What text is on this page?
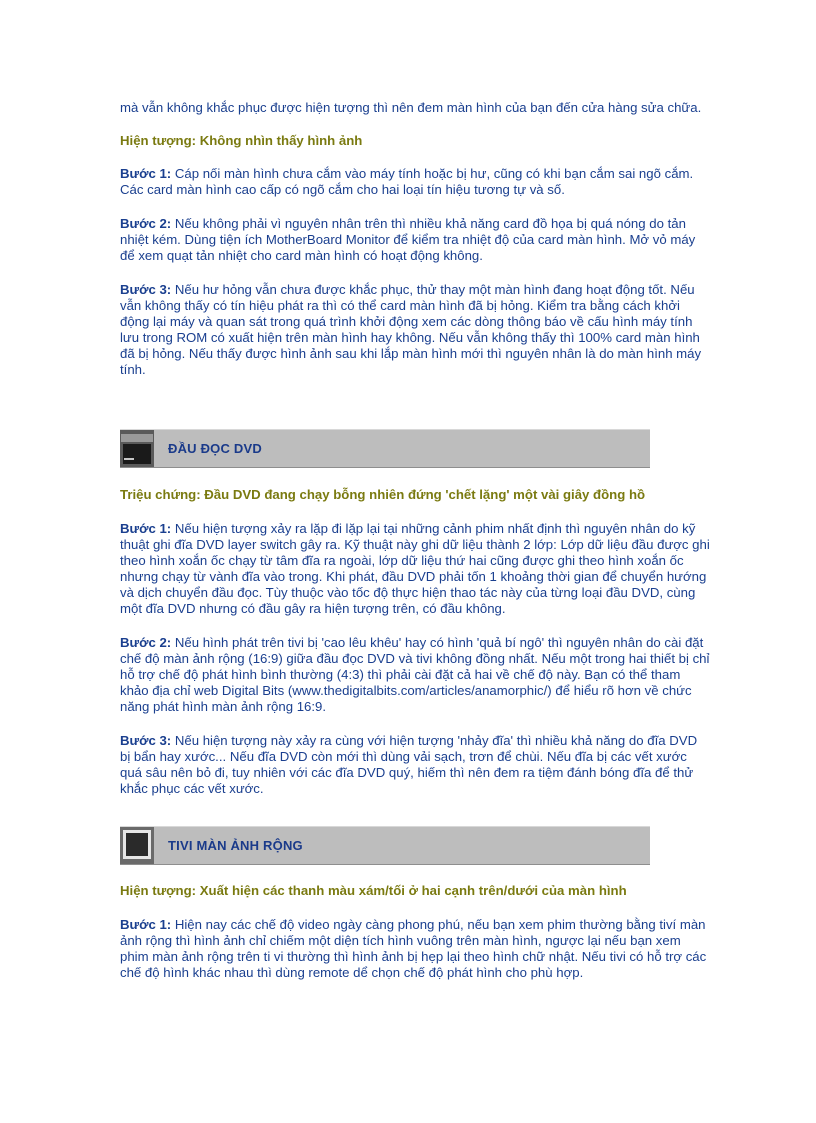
mà vẫn không khắc phục được hiện tượng thì nên đem màn hình của bạn đến cửa hàng sửa chữa.

Hiện tượng: Không nhìn thấy hình ảnh

Bước 1: Cáp nối màn hình chưa cắm vào máy tính hoặc bị hư, cũng có khi bạn cắm sai ngõ cắm. Các card màn hình cao cấp có ngõ cắm cho hai loại tín hiệu tương tự và số.

Bước 2: Nếu không phải vì nguyên nhân trên thì nhiều khả năng card đồ họa bị quá nóng do tản nhiệt kém. Dùng tiện ích MotherBoard Monitor để kiểm tra nhiệt độ của card màn hình. Mở vỏ máy để xem quạt tản nhiệt cho card màn hình có hoạt động không.

Bước 3: Nếu hư hỏng vẫn chưa được khắc phục, thử thay một màn hình đang hoạt động tốt. Nếu vẫn không thấy có tín hiệu phát ra thì có thể card màn hình đã bị hỏng. Kiểm tra bằng cách khởi động lại máy và quan sát trong quá trình khởi động xem các dòng thông báo về cấu hình máy tính lưu trong ROM có xuất hiện trên màn hình hay không. Nếu vẫn không thấy thì 100% card màn hình đã bị hỏng. Nếu thấy được hình ảnh sau khi lắp màn hình mới thì nguyên nhân là do màn hình máy tính.

ĐẦU ĐỌC DVD

Triệu chứng: Đầu DVD đang chạy bỗng nhiên đứng 'chết lặng' một vài giây đồng hồ

Bước 1: Nếu hiện tượng xảy ra lặp đi lặp lại tại những cảnh phim nhất định thì nguyên nhân do kỹ thuật ghi đĩa DVD layer switch gây ra. Kỹ thuật này ghi dữ liệu thành 2 lớp: Lớp dữ liệu đầu được ghi theo hình xoắn ốc chạy từ tâm đĩa ra ngoài, lớp dữ liệu thứ hai cũng được ghi theo hình xoắn ốc nhưng chạy từ vành đĩa vào trong. Khi phát, đầu DVD phải tốn 1 khoảng thời gian để chuyển hướng và dịch chuyển đầu đọc. Tùy thuộc vào tốc độ thực hiện thao tác này của từng loại đầu DVD, cùng một đĩa DVD nhưng có đầu gây ra hiện tượng trên, có đầu không.

Bước 2: Nếu hình phát trên tivi bị 'cao lêu khêu' hay có hình 'quả bí ngô' thì nguyên nhân do cài đặt chế độ màn ảnh rộng (16:9) giữa đầu đọc DVD và tivi không đồng nhất. Nếu một trong hai thiết bị chỉ hỗ trợ chế độ phát hình bình thường (4:3) thì phải cài đặt cả hai về chế độ này. Bạn có thể tham khảo địa chỉ web Digital Bits (www.thedigitalbits.com/articles/anamorphic/) để hiểu rõ hơn về chức năng phát hình màn ảnh rộng 16:9.

Bước 3: Nếu hiện tượng này xảy ra cùng với hiện tượng 'nhảy đĩa' thì nhiều khả năng do đĩa DVD bị bẩn hay xước... Nếu đĩa DVD còn mới thì dùng vải sạch, trơn để chùi. Nếu đĩa bị các vết xước quá sâu nên bỏ đi, tuy nhiên với các đĩa DVD quý, hiếm thì nên đem ra tiệm đánh bóng đĩa để thử khắc phục các vết xước.

TIVI MÀN ẢNH RỘNG

Hiện tượng: Xuất hiện các thanh màu xám/tối ở hai cạnh trên/dưới của màn hình

Bước 1: Hiện nay các chế độ video ngày càng phong phú, nếu bạn xem phim thường bằng tiví màn ảnh rộng thì hình ảnh chỉ chiếm một diện tích hình vuông trên màn hình, ngược lại nếu bạn xem phim màn ảnh rộng trên ti vi thường thì hình ảnh bị hẹp lại theo hình chữ nhật. Nếu tivi có hỗ trợ các chế độ hình khác nhau thì dùng remote dể chọn chế độ phát hình cho phù hợp.
